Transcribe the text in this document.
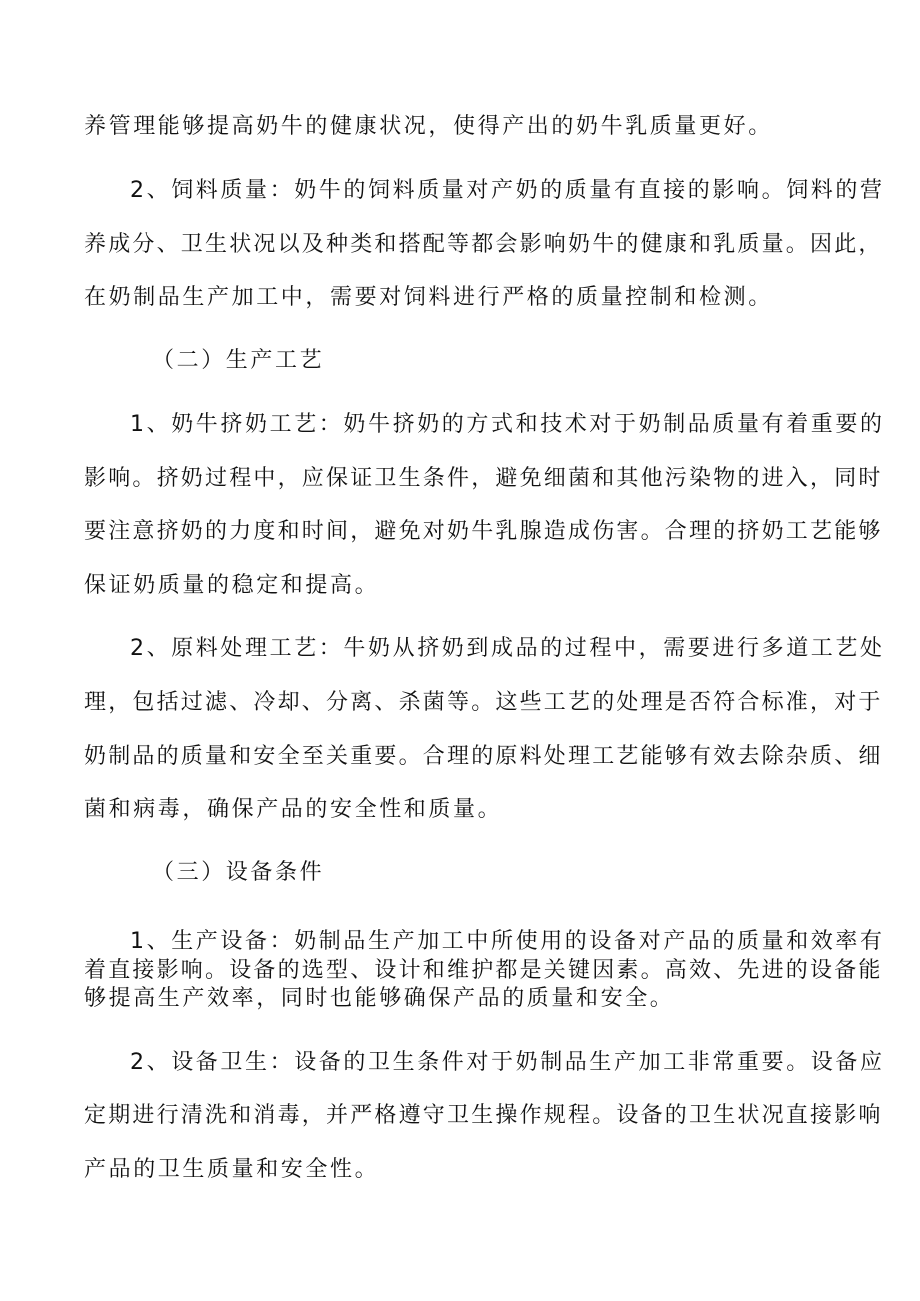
养管理能够提高奶牛的健康状况，使得产出的奶牛乳质量更好。
2、饲料质量：奶牛的饲料质量对产奶的质量有直接的影响。饲料的营
养成分、卫生状况以及种类和搭配等都会影响奶牛的健康和乳质量。因此，
在奶制品生产加工中，需要对饲料进行严格的质量控制和检测。
（二）生产工艺
1、奶牛挤奶工艺：奶牛挤奶的方式和技术对于奶制品质量有着重要的
影响。挤奶过程中，应保证卫生条件，避免细菌和其他污染物的进入，同时
要注意挤奶的力度和时间，避免对奶牛乳腺造成伤害。合理的挤奶工艺能够
保证奶质量的稳定和提高。
2、原料处理工艺：牛奶从挤奶到成品的过程中，需要进行多道工艺处
理，包括过滤、冷却、分离、杀菌等。这些工艺的处理是否符合标准，对于
奶制品的质量和安全至关重要。合理的原料处理工艺能够有效去除杂质、细
菌和病毒，确保产品的安全性和质量。
（三）设备条件
1、生产设备：奶制品生产加工中所使用的设备对产品的质量和效率有
着直接影响。设备的选型、设计和维护都是关键因素。高效、先进的设备能
够提高生产效率，同时也能够确保产品的质量和安全。
2、设备卫生：设备的卫生条件对于奶制品生产加工非常重要。设备应
定期进行清洗和消毒，并严格遵守卫生操作规程。设备的卫生状况直接影响
产品的卫生质量和安全性。
